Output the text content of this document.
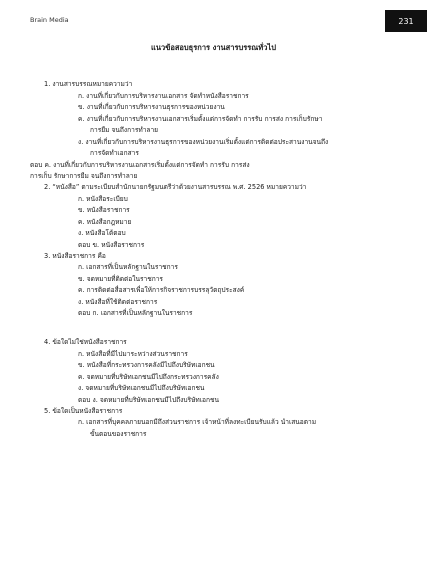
Brain Media	231
แนวข้อสอบธุรการ งานสารบรรณทั่วไป
1. งานสารบรรณหมายความว่า
ก. งานที่เกี่ยวกับการบริหารงานเอกสาร จัดทำหนังสือราชการ
ข. งานที่เกี่ยวกับการบริหารงานธุรการของหน่วยงาน
ค. งานที่เกี่ยวกับการบริหารงานเอกสารเริ่มตั้งแต่การจัดทำ การรับ การส่ง การเก็บรักษา
การยืม จนถึงการทำลาย
ง. งานที่เกี่ยวกับการบริหารงานธุรการของหน่วยงานเริ่มตั้งแต่การติดต่อประสานงานจนถึง
การจัดทำเอกสาร
ตอบ ค. งานที่เกี่ยวกับการบริหารงานเอกสารเริ่มตั้งแต่การจัดทำ การรับ การส่ง
การเก็บ รักษาการยืม จนถึงการทำลาย
2. “หนังสือ” ตามระเบียบสำนักนายกรัฐมนตรีว่าด้วยงานสารบรรณ พ.ศ. 2526 หมายความว่า
ก. หนังสือระเบียบ
ข. หนังสือราชการ
ค. หนังสือกฎหมาย
ง. หนังสือโต้ตอบ
ตอบ ข. หนังสือราชการ
3. หนังสือราชการ คือ
ก. เอกสารที่เป็นหลักฐานในราชการ
ข. จดหมายที่ติดต่อในราชการ
ค. การติดต่อสื่อสารเพื่อให้การกิจราชการบรรลุวัตถุประสงค์
ง. หนังสือที่ใช้ติดต่อราชการ
ตอบ ก. เอกสารที่เป็นหลักฐานในราชการ
4. ข้อใดไม่ใช่หนังสือราชการ
ก. หนังสือที่มีไปมาระหว่างส่วนราชการ
ข. หนังสือที่กระทรวงการคลังมีไปถึงบริษัทเอกชน
ค. จดหมายที่บริษัทเอกชนมีไปถึงกระทรวงการคลัง
ง. จดหมายที่บริษัทเอกชนมีไปถึงบริษัทเอกชน
ตอบ ง. จดหมายที่บริษัทเอกชนมีไปถึงบริษัทเอกชน
5. ข้อใดเป็นหนังสือราชการ
ก. เอกสารที่บุคคลภายนอกมีถึงส่วนราชการ เจ้าหน้าที่ลงทะเบียนรับแล้ว นำเสนอตาม
ขั้นตอนของราชการ
